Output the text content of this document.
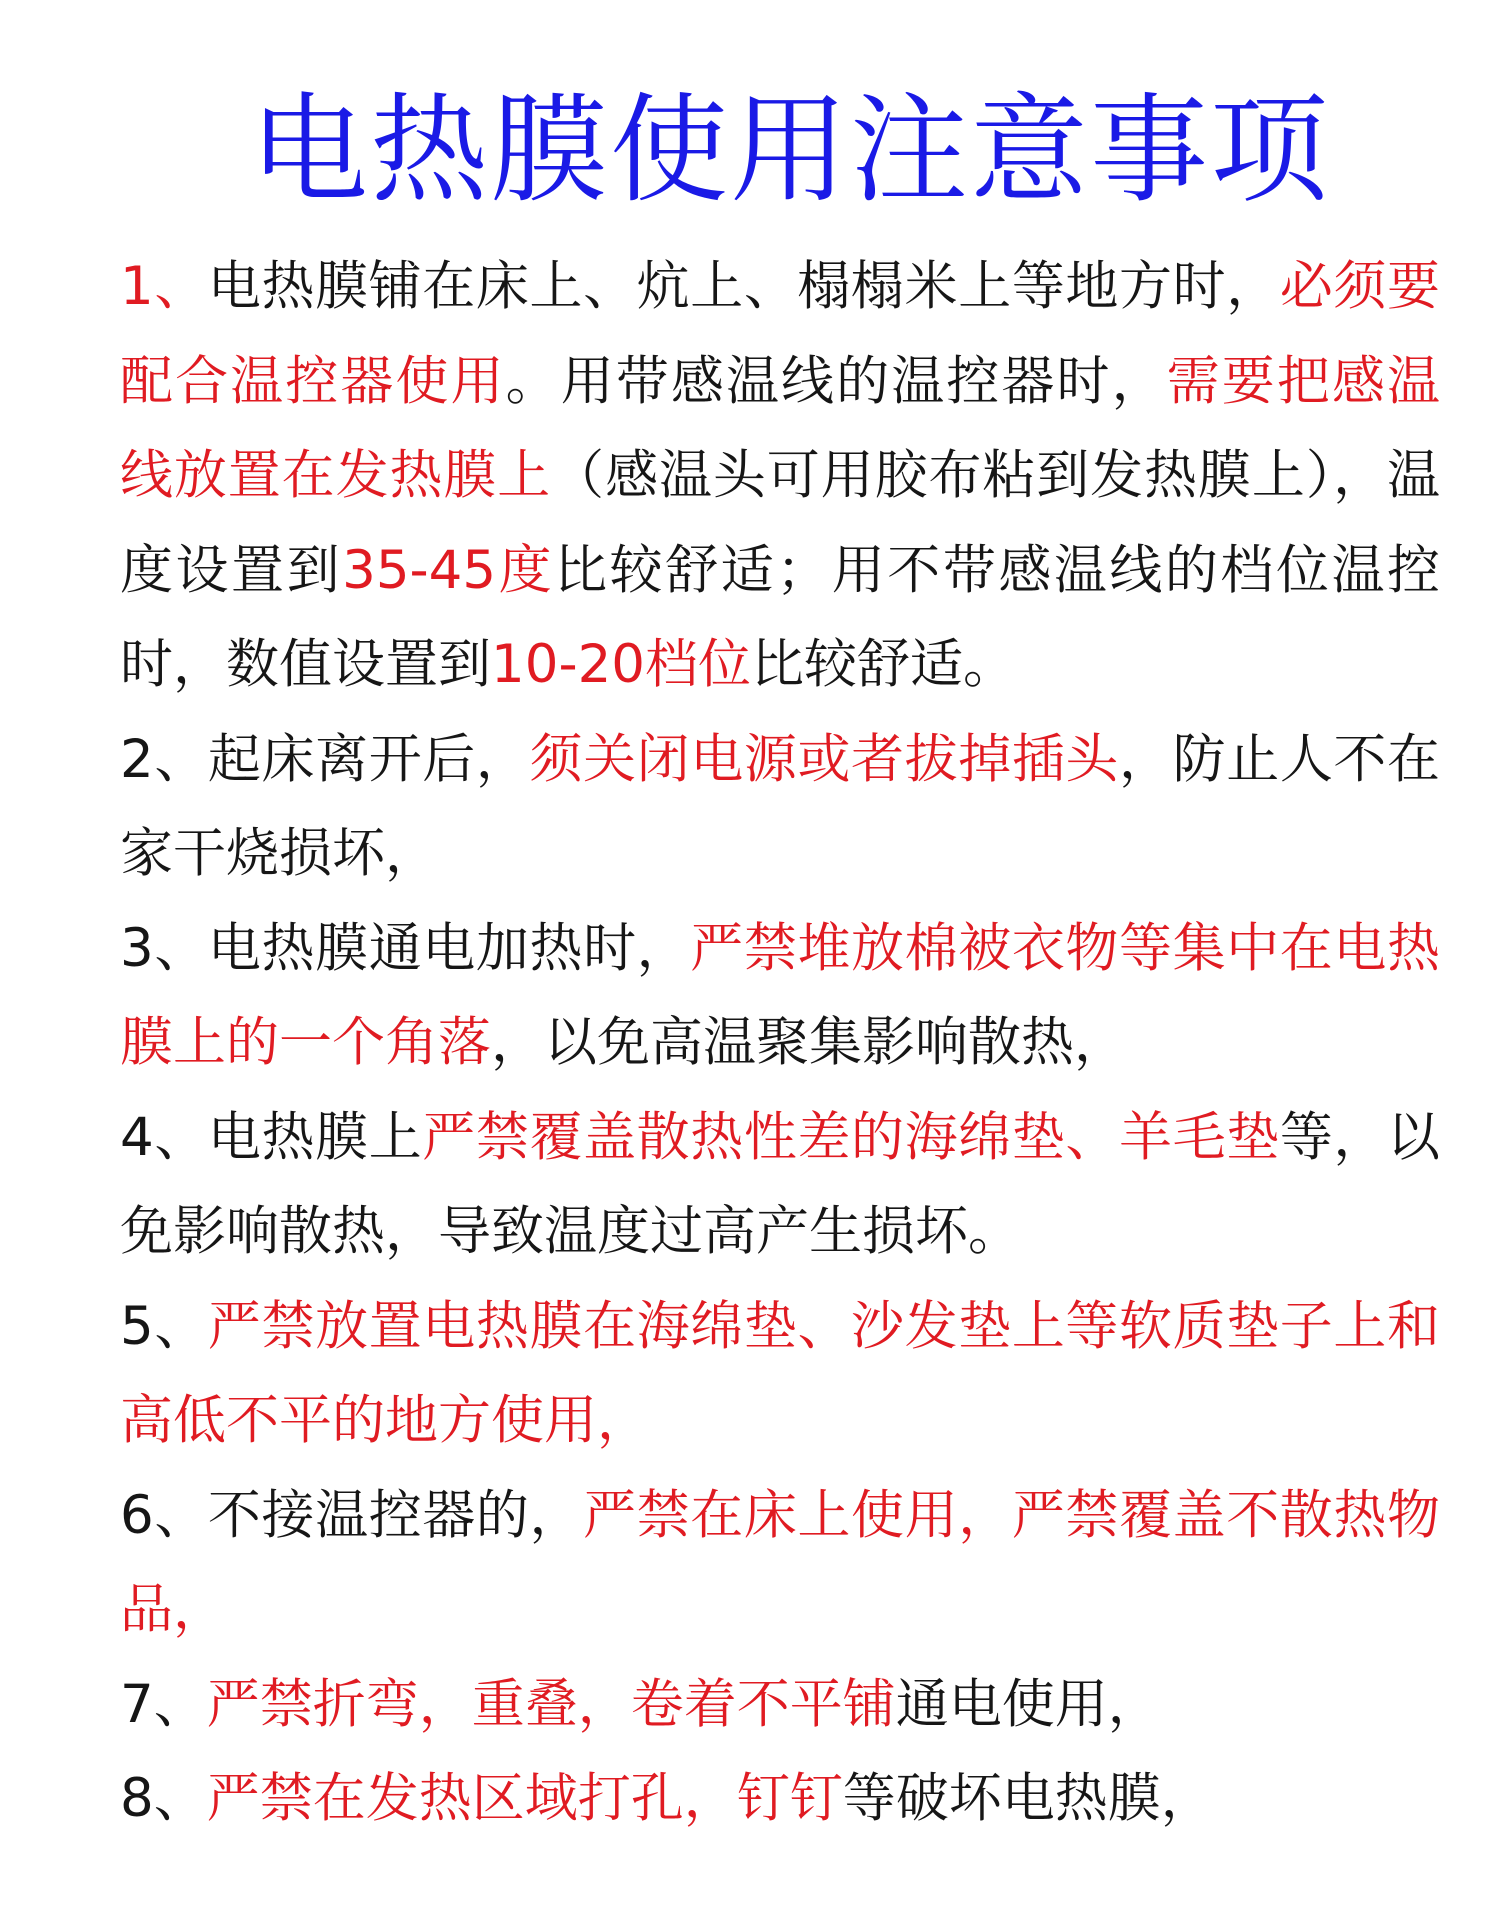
电热膜使用注意事项

1、电热膜铺在床上、炕上、榻榻米上等地方时，必须要配合温控器使用。用带感温线的温控器时，需要把感温线放置在发热膜上（感温头可用胶布粘到发热膜上），温度设置到35-45度比较舒适；用不带感温线的档位温控时，数值设置到10-20档位比较舒适。

2、起床离开后，须关闭电源或者拔掉插头，防止人不在家干烧损坏，

3、电热膜通电加热时，严禁堆放棉被衣物等集中在电热膜上的一个角落，以免高温聚集影响散热，

4、电热膜上严禁覆盖散热性差的海绵垫、羊毛垫等，以免影响散热，导致温度过高产生损坏。

5、严禁放置电热膜在海绵垫、沙发垫上等软质垫子上和高低不平的地方使用，

6、不接温控器的，严禁在床上使用，严禁覆盖不散热物品，

7、严禁折弯，重叠，卷着不平铺通电使用，

8、严禁在发热区域打孔，钉钉等破坏电热膜，
